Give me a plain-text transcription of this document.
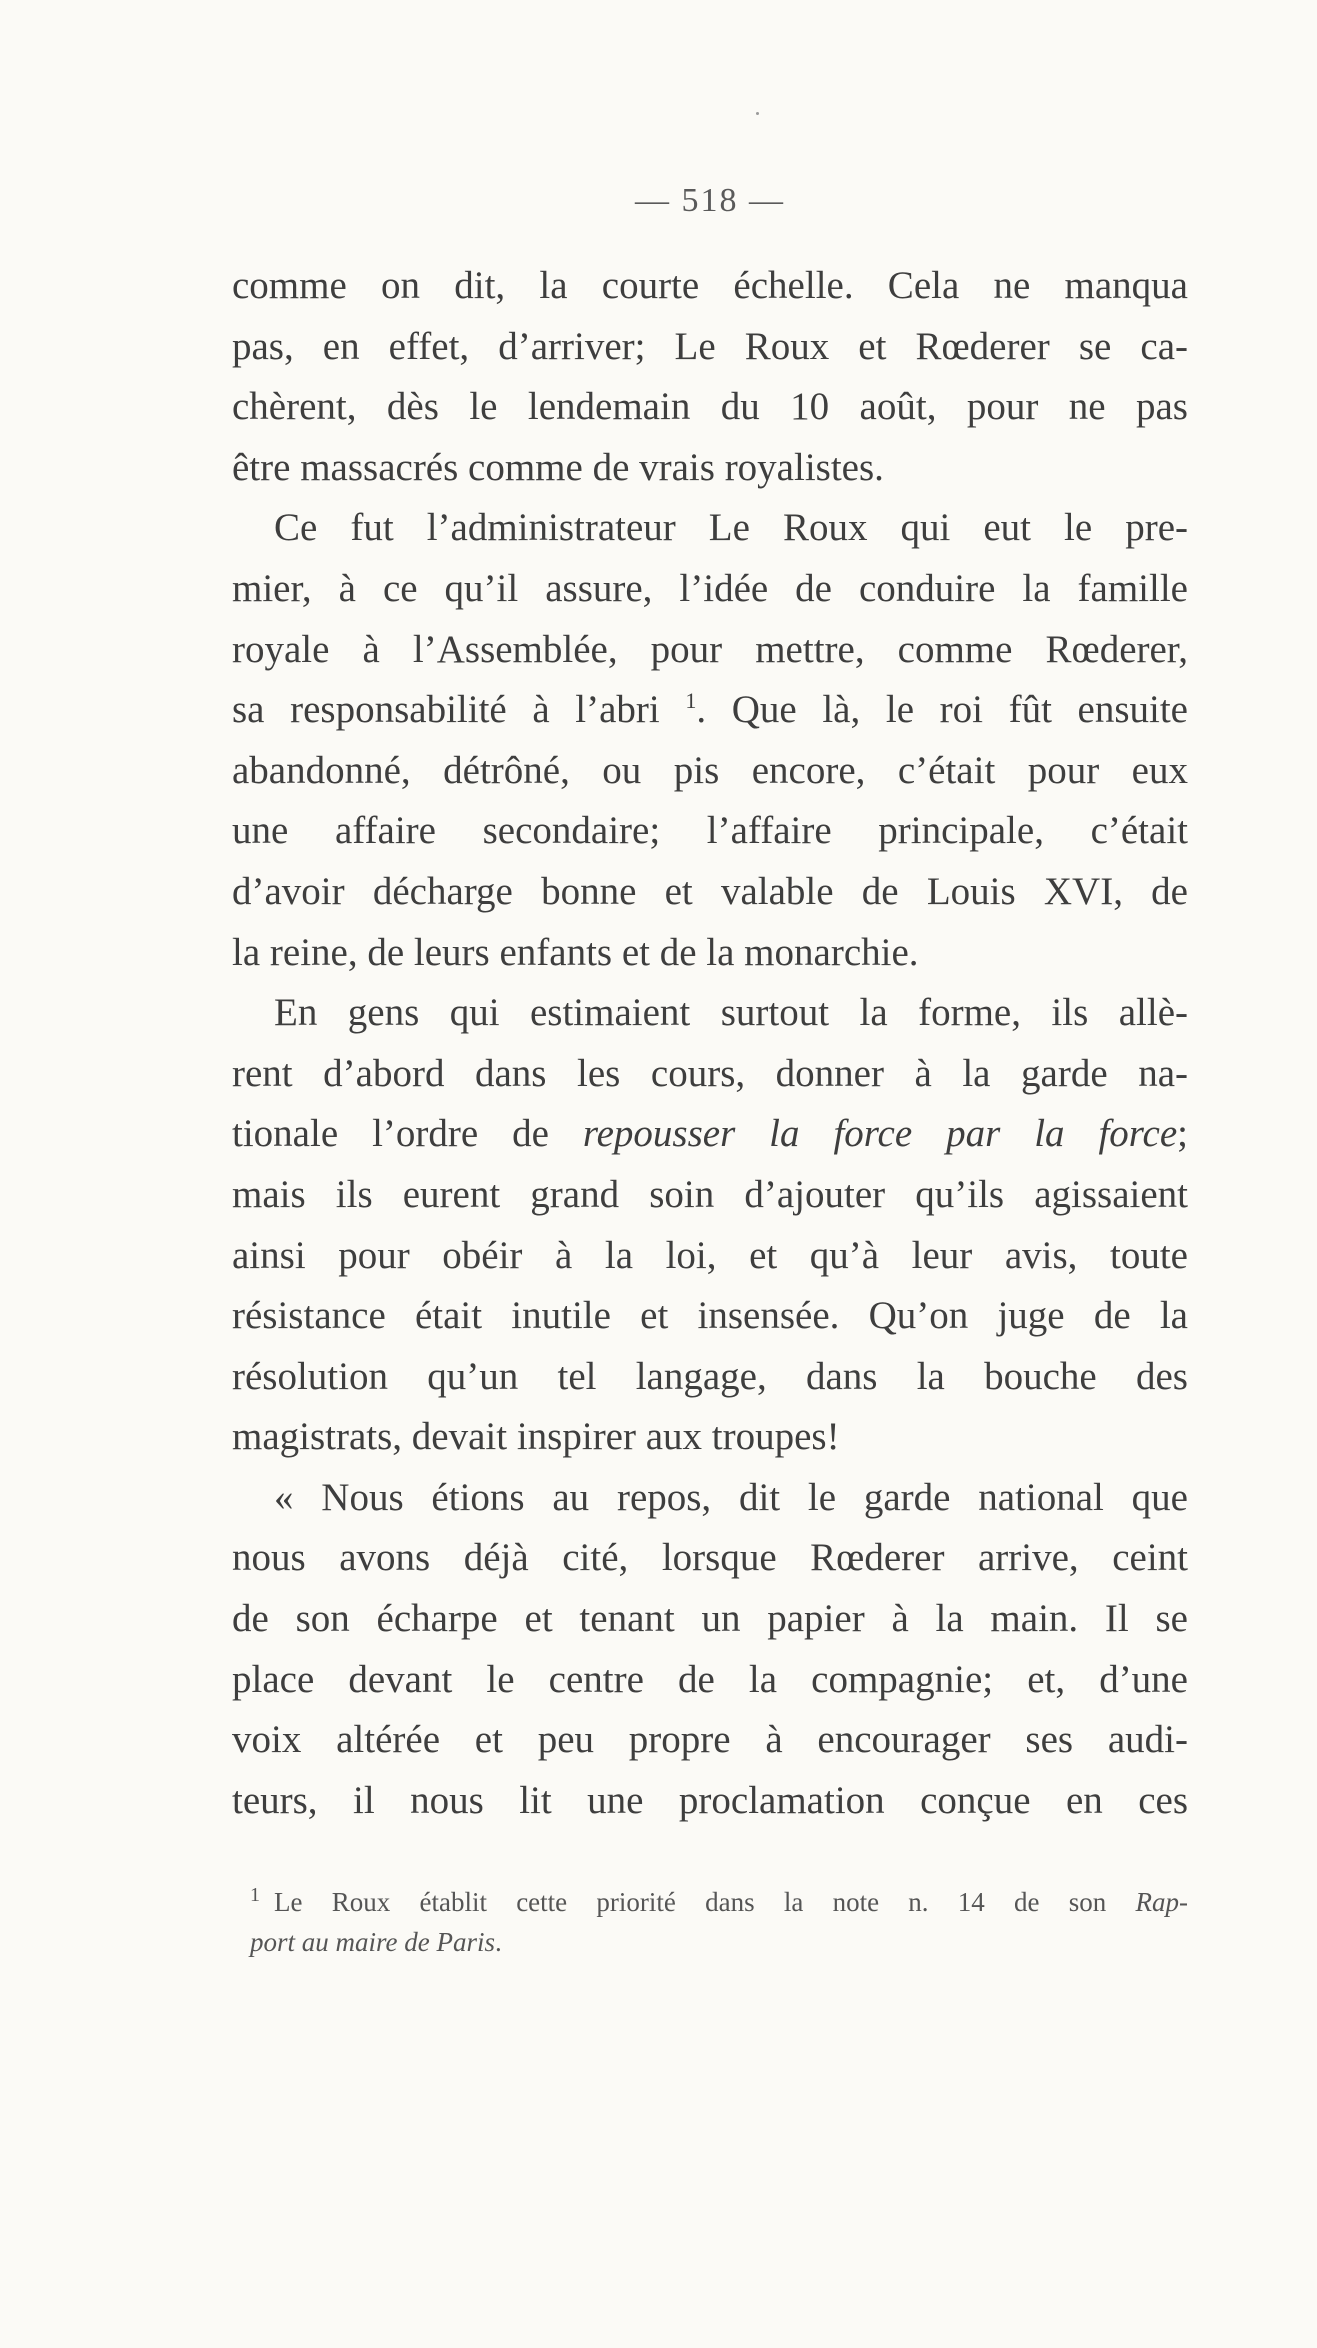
— 518 —
comme on dit, la courte échelle. Cela ne manqua
pas, en effet, d’arriver; Le Roux et Rœderer se ca-
chèrent, dès le lendemain du 10 août, pour ne pas
être massacrés comme de vrais royalistes.
Ce fut l’administrateur Le Roux qui eut le pre-
mier, à ce qu’il assure, l’idée de conduire la famille
royale à l’Assemblée, pour mettre, comme Rœderer,
sa responsabilité à l’abri $^1$. Que là, le roi fût ensuite
abandonné, détrôné, ou pis encore, c’était pour eux
une affaire secondaire; l’affaire principale, c’était
d’avoir décharge bonne et valable de Louis XVI, de
la reine, de leurs enfants et de la monarchie.
En gens qui estimaient surtout la forme, ils allè-
rent d’abord dans les cours, donner à la garde na-
tionale l’ordre de repousser la force par la force;
mais ils eurent grand soin d’ajouter qu’ils agissaient
ainsi pour obéir à la loi, et qu’à leur avis, toute
résistance était inutile et insensée. Qu’on juge de la
résolution qu’un tel langage, dans la bouche des
magistrats, devait inspirer aux troupes!
« Nous étions au repos, dit le garde national que
nous avons déjà cité, lorsque Rœderer arrive, ceint
de son écharpe et tenant un papier à la main. Il se
place devant le centre de la compagnie; et, d’une
voix altérée et peu propre à encourager ses audi-
teurs, il nous lit une proclamation conçue en ces
$^1$ Le Roux établit cette priorité dans la note n. 14 de son Rap-
port au maire de Paris.
